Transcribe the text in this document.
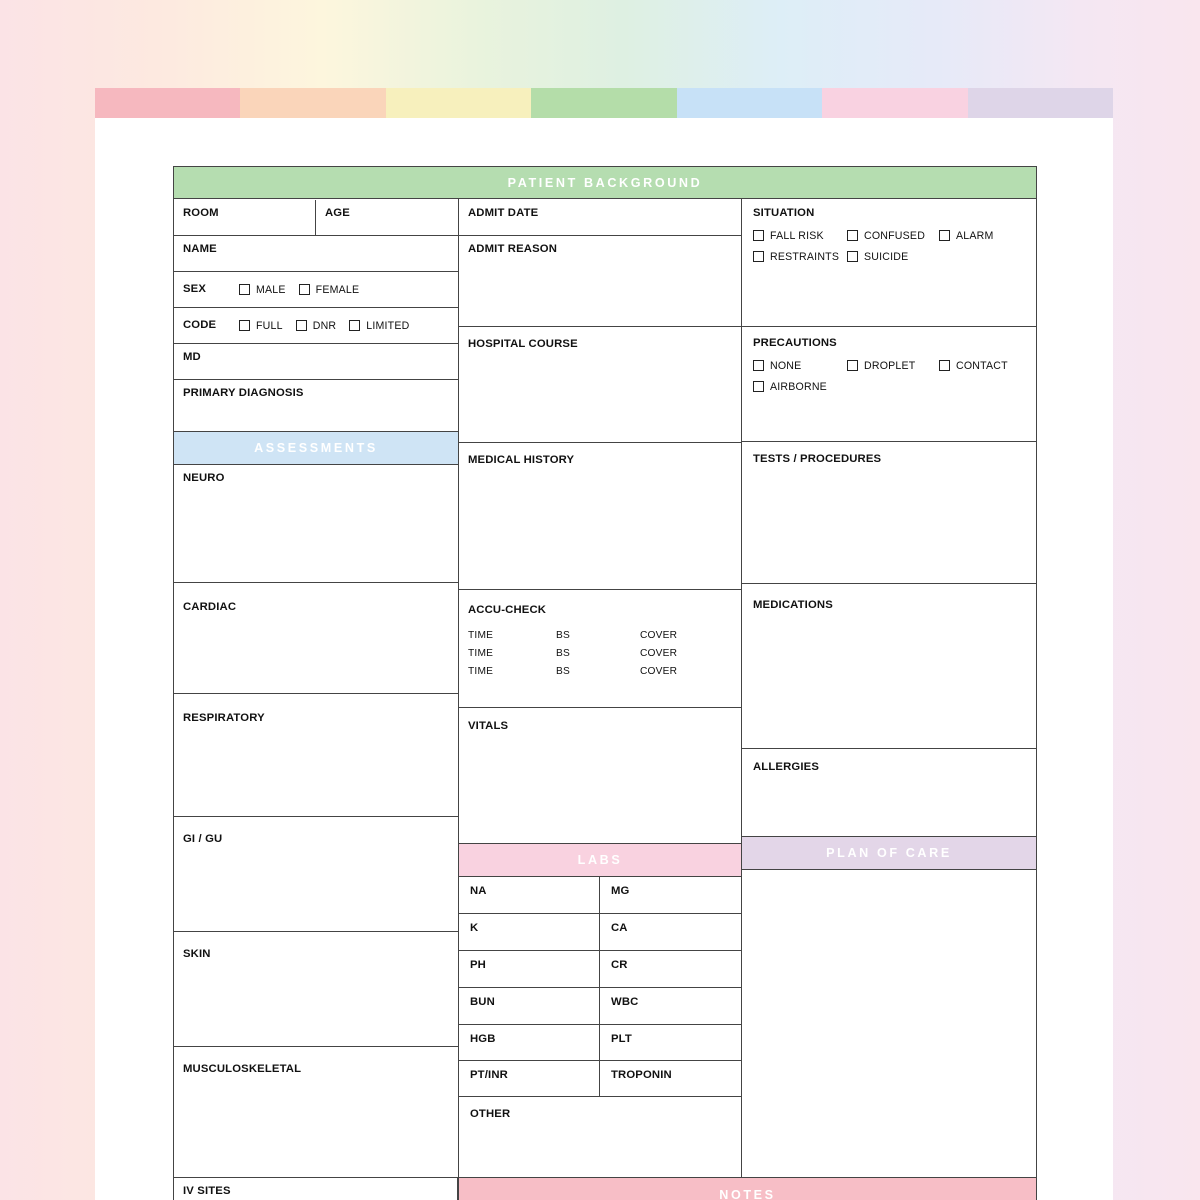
PATIENT BACKGROUND
ROOM	AGE
NAME
SEX	MALE	FEMALE
CODE	FULL	DNR	LIMITED
MD
PRIMARY DIAGNOSIS
ASSESSMENTS
NEURO
CARDIAC
RESPIRATORY
GI / GU
SKIN
MUSCULOSKELETAL
ADMIT DATE
ADMIT REASON
HOSPITAL COURSE
MEDICAL HISTORY
ACCU-CHECK
TIME	BS	COVER
TIME	BS	COVER
TIME	BS	COVER
VITALS
LABS
NA	MG
K	CA
PH	CR
BUN	WBC
HGB	PLT
PT/INR	TROPONIN
OTHER
SITUATION
FALL RISK	CONFUSED	ALARM
RESTRAINTS SUICIDE
PRECAUTIONS
NONE	DROPLET	CONTACT
AIRBORNE
TESTS / PROCEDURES
MEDICATIONS
ALLERGIES
PLAN OF CARE
IV SITES	NOTES
